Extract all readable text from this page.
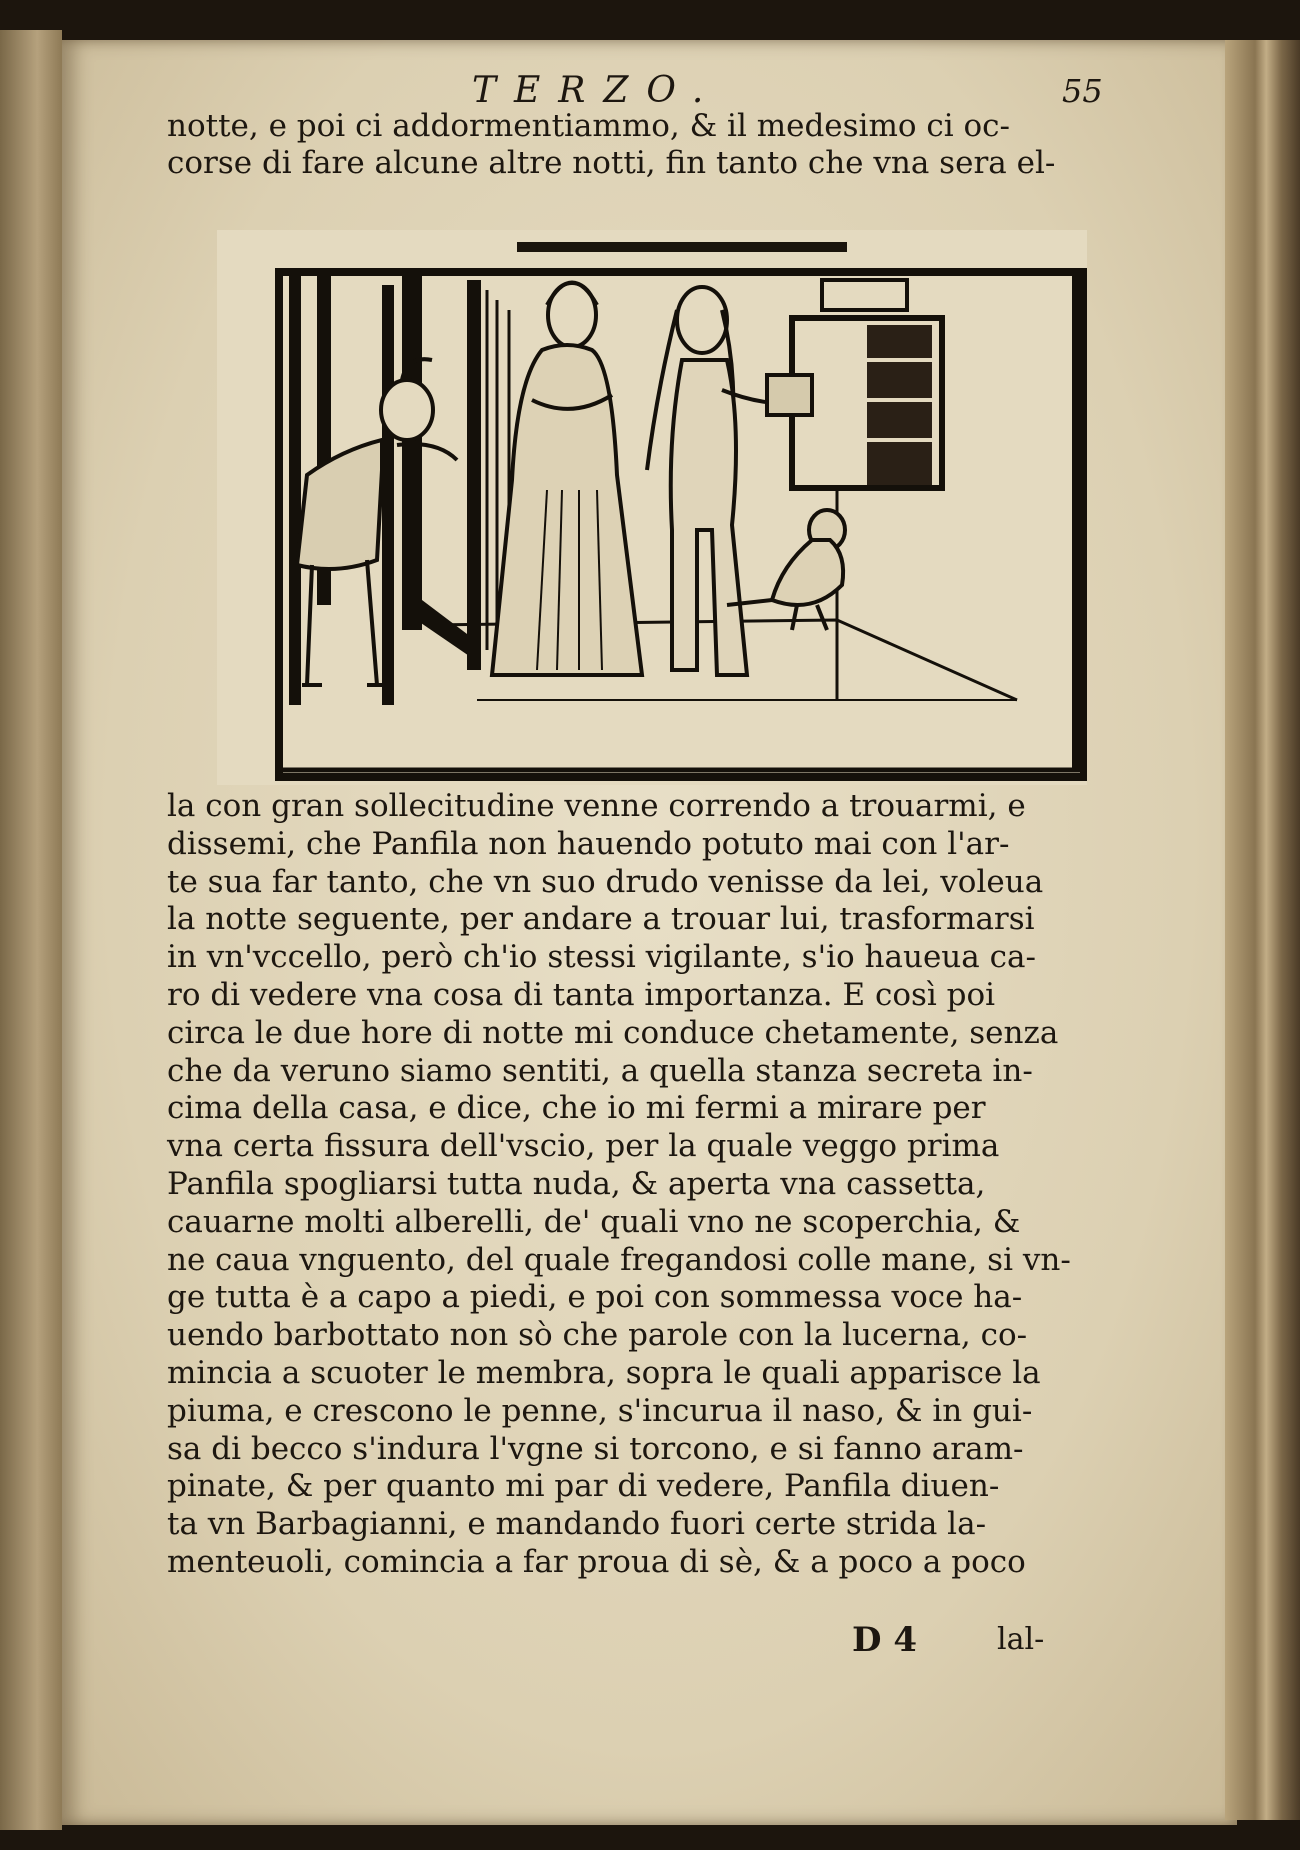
TERZO.	55

notte, e poi ci addormentiammo, & il medesimo ci oc-
corse di fare alcune altre notti, fin tanto che vna sera el-

la con gran sollecitudine venne correndo a trouarmi, e
dissemi, che Panfila non hauendo potuto mai con l'ar-
te sua far tanto, che vn suo drudo venisse da lei, voleua
la notte seguente, per andare a trouar lui, trasformarsi
in vn'vccello, però ch'io stessi vigilante, s'io haueua ca-
ro di vedere vna cosa di tanta importanza. E così poi
circa le due hore di notte mi conduce chetamente, senza
che da veruno siamo sentiti, a quella stanza secreta in-
cima della casa, e dice, che io mi fermi a mirare per
vna certa fissura dell'vscio, per la quale veggo prima
Panfila spogliarsi tutta nuda, & aperta vna cassetta,
cauarne molti alberelli, de' quali vno ne scoperchia, &
ne caua vnguento, del quale fregandosi colle mane, si vn-
ge tutta è a capo a piedi, e poi con sommessa voce ha-
uendo barbottato non sò che parole con la lucerna, co-
mincia a scuoter le membra, sopra le quali apparisce la
piuma, e crescono le penne, s'incurua il naso, & in gui-
sa di becco s'indura l'vgne si torcono, e si fanno aram-
pinate, & per quanto mi par di vedere, Panfila diuen-
ta vn Barbagianni, e mandando fuori certe strida la-
menteuoli, comincia a far proua di sè, & a poco a poco

D 4	lal-
